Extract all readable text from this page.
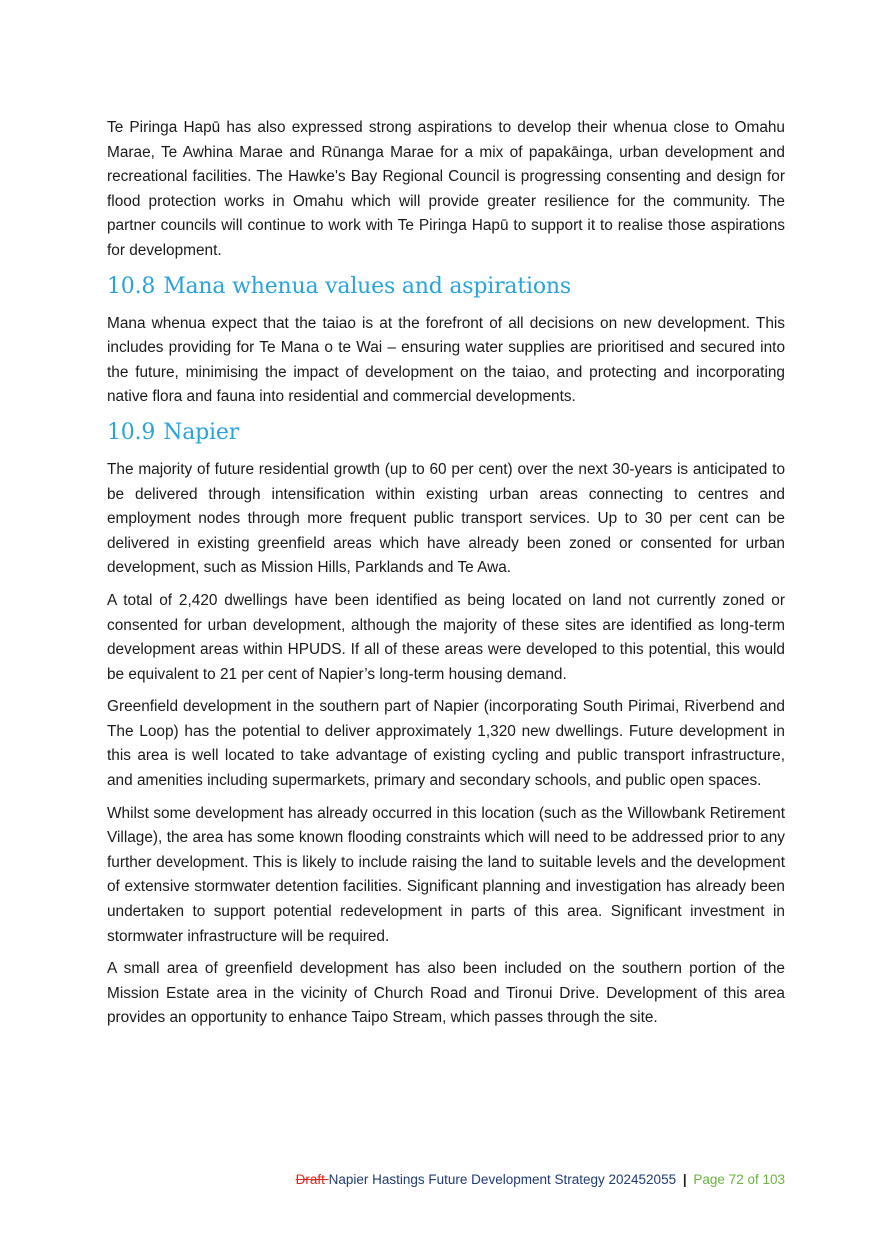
Te Piringa Hapū has also expressed strong aspirations to develop their whenua close to Omahu Marae, Te Awhina Marae and Rūnanga Marae for a mix of papakāinga, urban development and recreational facilities. The Hawke's Bay Regional Council is progressing consenting and design for flood protection works in Omahu which will provide greater resilience for the community. The partner councils will continue to work with Te Piringa Hapū to support it to realise those aspirations for development.

10.8 Mana whenua values and aspirations

Mana whenua expect that the taiao is at the forefront of all decisions on new development. This includes providing for Te Mana o te Wai – ensuring water supplies are prioritised and secured into the future, minimising the impact of development on the taiao, and protecting and incorporating native flora and fauna into residential and commercial developments.

10.9 Napier

The majority of future residential growth (up to 60 per cent) over the next 30-years is anticipated to be delivered through intensification within existing urban areas connecting to centres and employment nodes through more frequent public transport services. Up to 30 per cent can be delivered in existing greenfield areas which have already been zoned or consented for urban development, such as Mission Hills, Parklands and Te Awa.

A total of 2,420 dwellings have been identified as being located on land not currently zoned or consented for urban development, although the majority of these sites are identified as long-term development areas within HPUDS. If all of these areas were developed to this potential, this would be equivalent to 21 per cent of Napier’s long-term housing demand.

Greenfield development in the southern part of Napier (incorporating South Pirimai, Riverbend and The Loop) has the potential to deliver approximately 1,320 new dwellings. Future development in this area is well located to take advantage of existing cycling and public transport infrastructure, and amenities including supermarkets, primary and secondary schools, and public open spaces.

Whilst some development has already occurred in this location (such as the Willowbank Retirement Village), the area has some known flooding constraints which will need to be addressed prior to any further development. This is likely to include raising the land to suitable levels and the development of extensive stormwater detention facilities. Significant planning and investigation has already been undertaken to support potential redevelopment in parts of this area. Significant investment in stormwater infrastructure will be required.

A small area of greenfield development has also been included on the southern portion of the Mission Estate area in the vicinity of Church Road and Tironui Drive. Development of this area provides an opportunity to enhance Taipo Stream, which passes through the site.

Draft Napier Hastings Future Development Strategy 202452055 | Page 72 of 103
